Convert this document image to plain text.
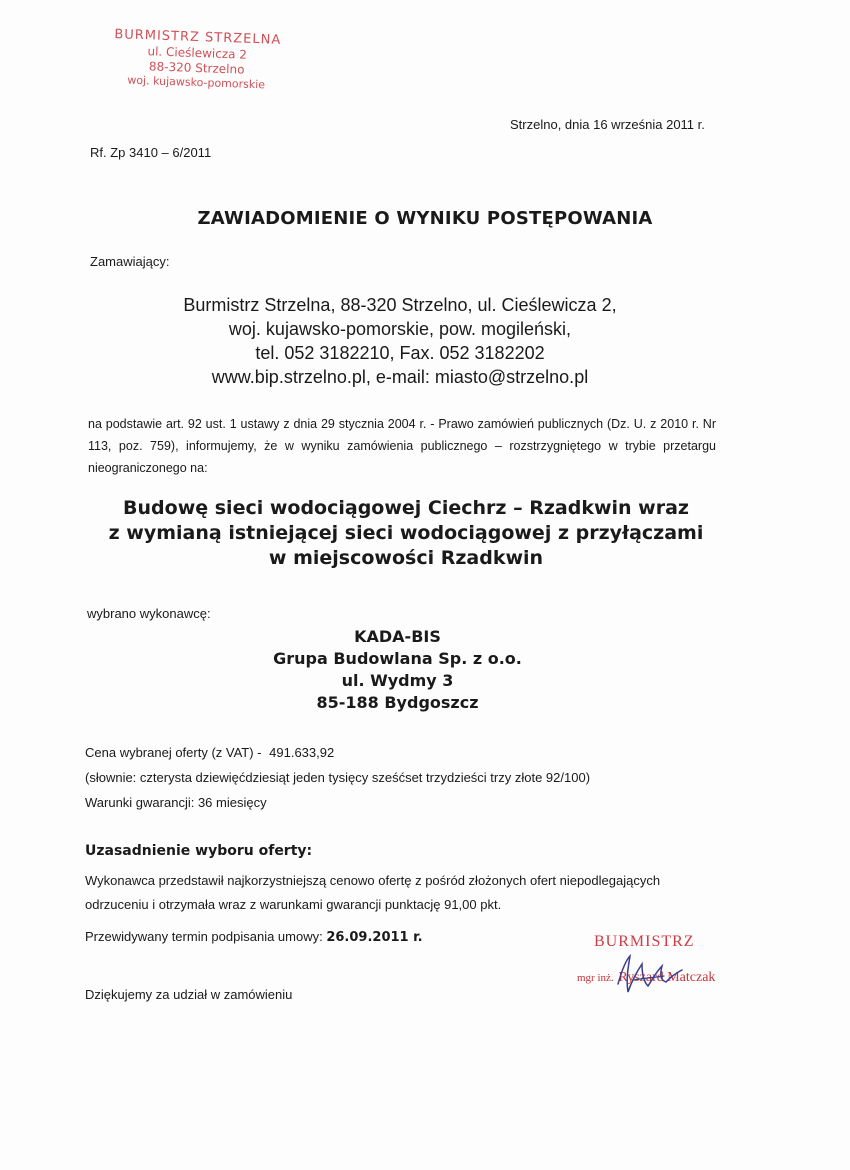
BURMISTRZ STRZELNA
ul. Cieślewicza 2
88-320 Strzelno
woj. kujawsko-pomorskie
Strzelno, dnia 16 września 2011 r.
Rf. Zp 3410 – 6/2011
ZAWIADOMIENIE O WYNIKU POSTĘPOWANIA
Zamawiający:
Burmistrz Strzelna, 88-320 Strzelno, ul. Cieślewicza 2,
woj. kujawsko-pomorskie, pow. mogileński,
tel. 052 3182210, Fax. 052 3182202
www.bip.strzelno.pl, e-mail: miasto@strzelno.pl
na podstawie art. 92 ust. 1 ustawy z dnia 29 stycznia 2004 r. - Prawo zamówień publicznych (Dz. U. z 2010 r. Nr 113, poz. 759), informujemy, że w wyniku zamówienia publicznego – rozstrzygniętego w trybie przetargu nieograniczonego na:
Budowę sieci wodociągowej Ciechrz – Rzadkwin wraz
z wymianą istniejącej sieci wodociągowej z przyłączami
w miejscowości Rzadkwin
wybrano wykonawcę:
KADA-BIS
Grupa Budowlana Sp. z o.o.
ul. Wydmy 3
85-188 Bydgoszcz
Cena wybranej oferty (z VAT) - 491.633,92
(słownie: czterysta dziewięćdziesiąt jeden tysięcy sześćset trzydzieści trzy złote 92/100)
Warunki gwarancji: 36 miesięcy
Uzasadnienie wyboru oferty:
Wykonawca przedstawił najkorzystniejszą cenowo ofertę z pośród złożonych ofert niepodlegających odrzuceniu i otrzymała wraz z warunkami gwarancji punktację 91,00 pkt.
Przewidywany termin podpisania umowy: 26.09.2011 r.
Dziękujemy za udział w zamówieniu
BURMISTRZ
mgr inż. Ryszard Matczak
